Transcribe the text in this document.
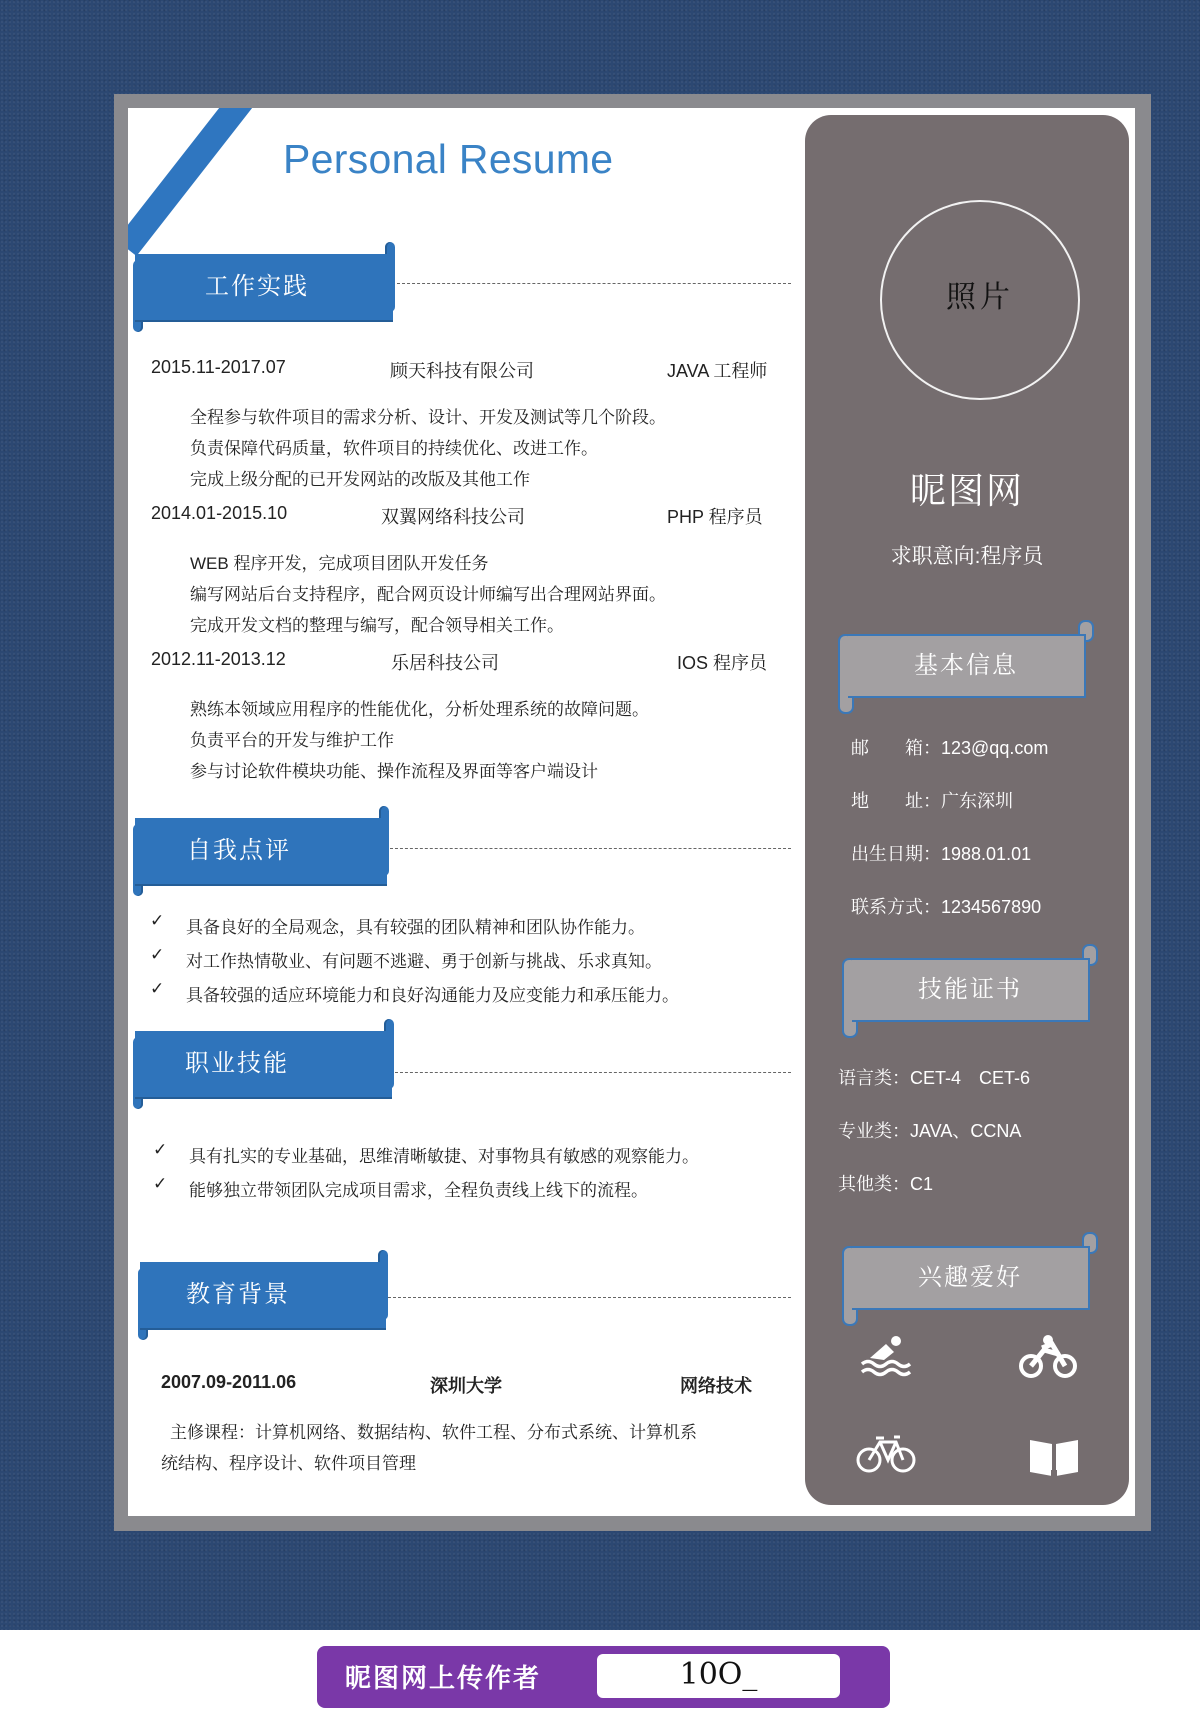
Personal Resume
工作实践
2015.11-2017.07	顾天科技有限公司	JAVA 工程师
全程参与软件项目的需求分析、设计、开发及测试等几个阶段。
负责保障代码质量，软件项目的持续优化、改进工作。
完成上级分配的已开发网站的改版及其他工作
2014.01-2015.10	双翼网络科技公司	PHP 程序员
WEB 程序开发，完成项目团队开发任务
编写网站后台支持程序，配合网页设计师编写出合理网站界面。
完成开发文档的整理与编写，配合领导相关工作。
2012.11-2013.12	乐居科技公司	IOS 程序员
熟练本领域应用程序的性能优化，分析处理系统的故障问题。
负责平台的开发与维护工作
参与讨论软件模块功能、操作流程及界面等客户端设计
自我点评
✓ 具备良好的全局观念，具有较强的团队精神和团队协作能力。
✓ 对工作热情敬业、有问题不逃避、勇于创新与挑战、乐求真知。
✓ 具备较强的适应环境能力和良好沟通能力及应变能力和承压能力。
职业技能
✓ 具有扎实的专业基础，思维清晰敏捷、对事物具有敏感的观察能力。
✓ 能够独立带领团队完成项目需求，全程负责线上线下的流程。
教育背景
2007.09-2011.06	深圳大学	网络技术
主修课程：计算机网络、数据结构、软件工程、分布式系统、计算机系
统结构、程序设计、软件项目管理
照片
昵图网
求职意向:程序员
基本信息
邮　　箱：123@qq.com
地　　址：广东深圳
出生日期：1988.01.01
联系方式：1234567890
技能证书
语言类：CET-4　CET-6
专业类：JAVA、CCNA
其他类：C1
兴趣爱好
昵图网上传作者	10O_
